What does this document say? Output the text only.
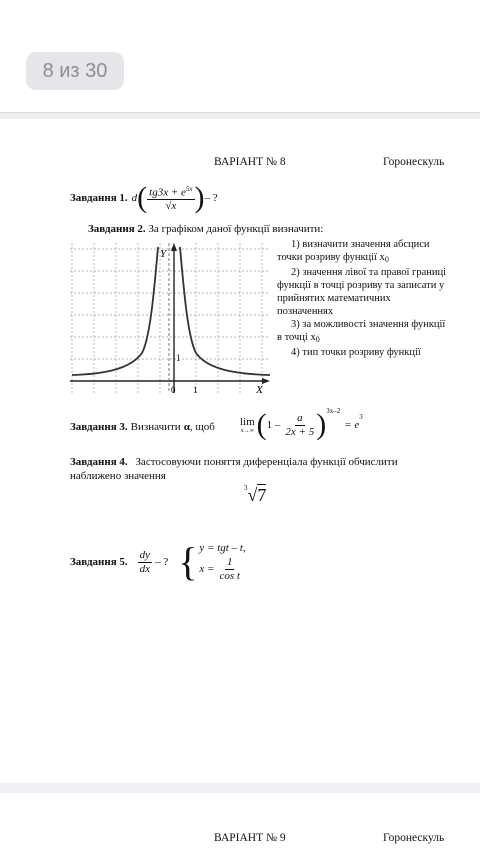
8 из 30
ВАРІАНТ № 8	Горонескуль
Завдання 1. d ( $\frac{tg3x + e^{5x}}{√x}$ ) – ?
Завдання 2. За графіком даної функції визначити:
Y
X
0 1
1
1) визначити значення абсциси точки розриву функції $x_0$
2) значення лівої та правої границі функції в точці розриву та записати у прийнятих математичних позначеннях
3) за можливості значення функції в точці $x_0$
4) тип точки розриву функції
Завдання 3. Визначити α , щоб lim
x→∞ ( $1 - \frac{a}{2x + 5} )^{3x-2}$
= e
$^3$
Завдання 4. Застосовуючи поняття диференціала функції обчислити наближено значення
$^3$√7
Завдання 5. $\frac{dy}{dx}$ – ? { y = tgt – t,
$x = \frac{1}{\text{cos t}}$
ВАРІАНТ № 9	Горонескуль
